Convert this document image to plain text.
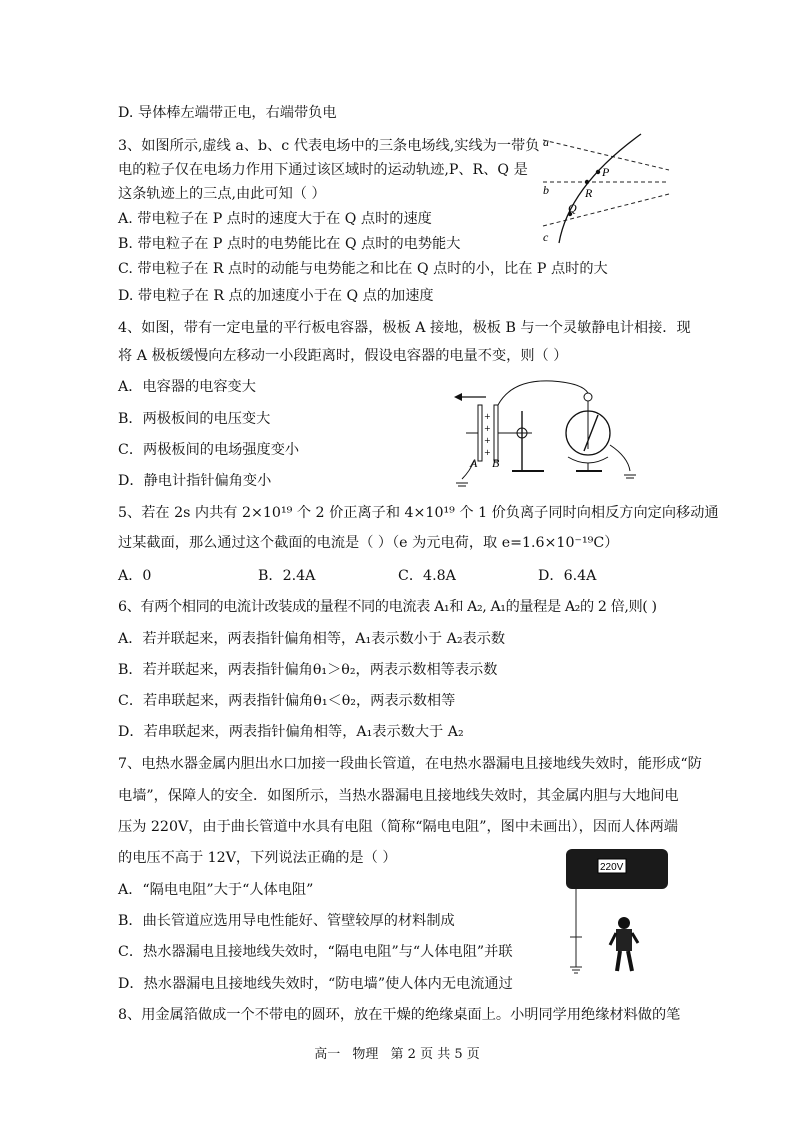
D. 导体棒左端带正电，右端带负电
3、如图所示,虚线 a、b、c 代表电场中的三条电场线,实线为一带负
电的粒子仅在电场力作用下通过该区域时的运动轨迹,P、R、Q 是
这条轨迹上的三点,由此可知（ ）
A. 带电粒子在 P 点时的速度大于在 Q 点时的速度
B. 带电粒子在 P 点时的电势能比在 Q 点时的电势能大
C. 带电粒子在 R 点时的动能与电势能之和比在 Q 点时的小，比在 P 点时的大
D. 带电粒子在 R 点的加速度小于在 Q 点的加速度
4、如图，带有一定电量的平行板电容器，极板 A 接地，极板 B 与一个灵敏静电计相接．现
将 A 极板缓慢向左移动一小段距离时，假设电容器的电量不变，则（ ）
A．电容器的电容变大
B．两极板间的电压变大
C．两极板间的电场强度变小
D．静电计指针偏角变小
5、若在 2s 内共有 2×10¹⁹ 个 2 价正离子和 4×10¹⁹ 个 1 价负离子同时向相反方向定向移动通
过某截面，那么通过这个截面的电流是（ ）（e 为元电荷，取 e=1.6×10⁻¹⁹C）
A．0	B．2.4A	C．4.8A	D．6.4A
6、有两个相同的电流计改装成的量程不同的电流表 A₁和 A₂, A₁的量程是 A₂的 2 倍,则( )
A．若并联起来，两表指针偏角相等，A₁表示数小于 A₂表示数
B．若并联起来，两表指针偏角θ₁＞θ₂，两表示数相等表示数
C．若串联起来，两表指针偏角θ₁＜θ₂，两表示数相等
D．若串联起来，两表指针偏角相等，A₁表示数大于 A₂
7、电热水器金属内胆出水口加接一段曲长管道，在电热水器漏电且接地线失效时，能形成“防
电墙”，保障人的安全．如图所示，当热水器漏电且接地线失效时，其金属内胆与大地间电
压为 220V，由于曲长管道中水具有电阻（简称“隔电电阻”，图中未画出），因而人体两端
的电压不高于 12V，下列说法正确的是（ ）
A．“隔电电阻”大于“人体电阻”
B．曲长管道应选用导电性能好、管壁较厚的材料制成
C．热水器漏电且接地线失效时，“隔电电阻”与“人体电阻”并联
D．热水器漏电且接地线失效时，“防电墙”使人体内无电流通过
8、用金属箔做成一个不带电的圆环，放在干燥的绝缘桌面上。小明同学用绝缘材料做的笔
a
b
c
P
R
Q
+
+
+
+
A B
220V
高一 物理 第 2 页 共 5 页
